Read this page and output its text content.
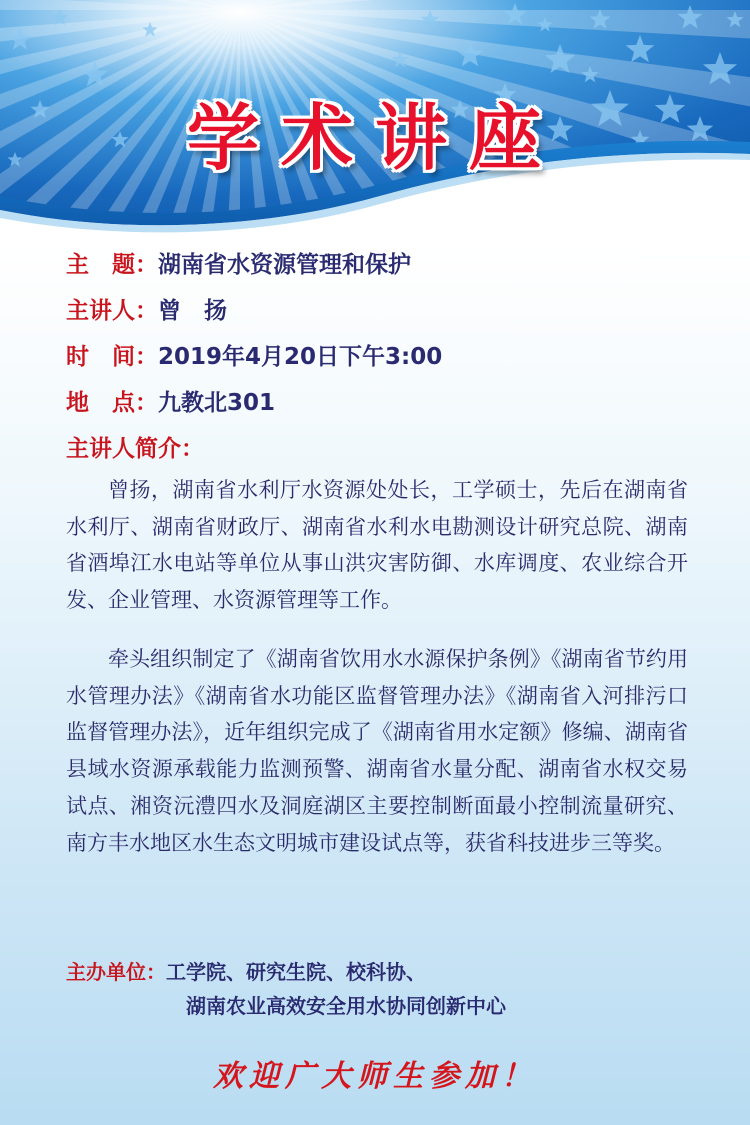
学术讲座
主　题：湖南省水资源管理和保护
主讲人：曾　扬
时　间：2019年4月20日下午3:00
地　点：九教北301
主讲人简介：

曾扬，湖南省水利厅水资源处处长，工学硕士，先后在湖南省水利厅、湖南省财政厅、湖南省水利水电勘测设计研究总院、湖南省酒埠江水电站等单位从事山洪灾害防御、水库调度、农业综合开发、企业管理、水资源管理等工作。

牵头组织制定了《湖南省饮用水水源保护条例》《湖南省节约用水管理办法》《湖南省水功能区监督管理办法》《湖南省入河排污口监督管理办法》，近年组织完成了《湖南省用水定额》修编、湖南省县域水资源承载能力监测预警、湖南省水量分配、湖南省水权交易试点、湘资沅澧四水及洞庭湖区主要控制断面最小控制流量研究、南方丰水地区水生态文明城市建设试点等，获省科技进步三等奖。

主办单位：工学院、研究生院、校科协、
湖南农业高效安全用水协同创新中心
欢迎广大师生参加！
